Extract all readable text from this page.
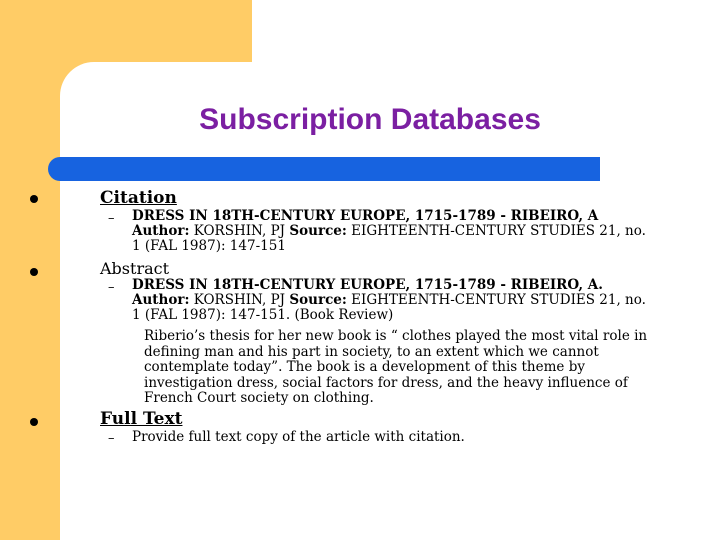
Subscription Databases
Citation
– DRESS IN 18TH-CENTURY EUROPE, 1715-1789 - RIBEIRO, A
Author: KORSHIN, PJ Source: EIGHTEENTH-CENTURY STUDIES 21, no. 1 (FAL 1987): 147-151
Abstract
– DRESS IN 18TH-CENTURY EUROPE, 1715-1789 - RIBEIRO, A.
Author: KORSHIN, PJ Source: EIGHTEENTH-CENTURY STUDIES 21, no. 1 (FAL 1987): 147-151. (Book Review)
Riberio’s thesis for her new book is “ clothes played the most vital role in defining man and his part in society, to an extent which we cannot contemplate today”. The book is a development of this theme by investigation dress, social factors for dress, and the heavy influence of French Court society on clothing.
Full Text
– Provide full text copy of the article with citation.
